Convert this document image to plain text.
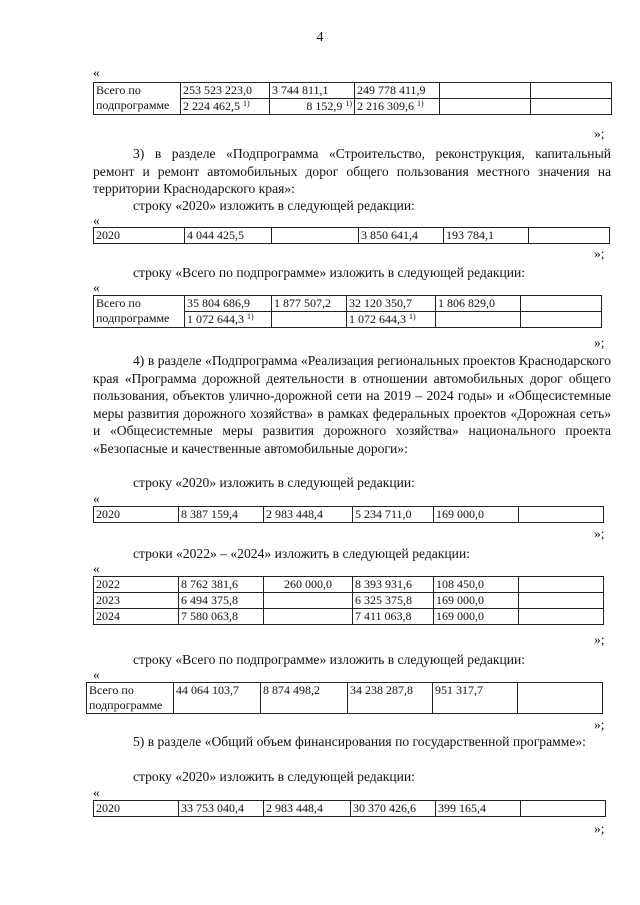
4
«
Всего по
подпрограмме	253 523 223,0	3 744 811,1	249 778 411,9		
	2 224 462,5 $^{1)}$	8 152,9 $^{1)}$	2 216 309,6 $^{1)}$		
»;
3) в разделе «Подпрограмма «Строительство, реконструкция, капитальный ремонт и ремонт автомобильных дорог общего пользования местного значения на территории Краснодарского края»:
строку «2020» изложить в следующей редакции:
«
2020	4 044 425,5		3 850 641,4	193 784,1	
»;
строку «Всего по подпрограмме» изложить в следующей редакции:
«
Всего по
подпрограмме	35 804 686,9	1 877 507,2	32 120 350,7	1 806 829,0	
	1 072 644,3 $^{1)}$		1 072 644,3 $^{1)}$		
»;
4) в разделе «Подпрограмма «Реализация региональных проектов Краснодарского края «Программа дорожной деятельности в отношении автомобильных дорог общего пользования, объектов улично-дорожной сети на 2019 – 2024 годы» и «Общесистемные меры развития дорожного хозяйства» в рамках федеральных проектов «Дорожная сеть» и «Общесистемные меры развития дорожного хозяйства» национального проекта «Безопасные и качественные автомобильные дороги»:
строку «2020» изложить в следующей редакции:
«
2020	8 387 159,4	2 983 448,4	5 234 711,0	169 000,0	
»;
строки «2022» – «2024» изложить в следующей редакции:
«
2022	8 762 381,6	260 000,0	8 393 931,6	108 450,0	
2023	6 494 375,8		6 325 375,8	169 000,0	
2024	7 580 063,8		7 411 063,8	169 000,0	
»;
строку «Всего по подпрограмме» изложить в следующей редакции:
«
Всего по
подпрограмме	44 064 103,7	8 874 498,2	34 238 287,8	951 317,7	
»;
5) в разделе «Общий объем финансирования по государственной программе»:
строку «2020» изложить в следующей редакции:
«
2020	33 753 040,4	2 983 448,4	30 370 426,6	399 165,4	
»;
